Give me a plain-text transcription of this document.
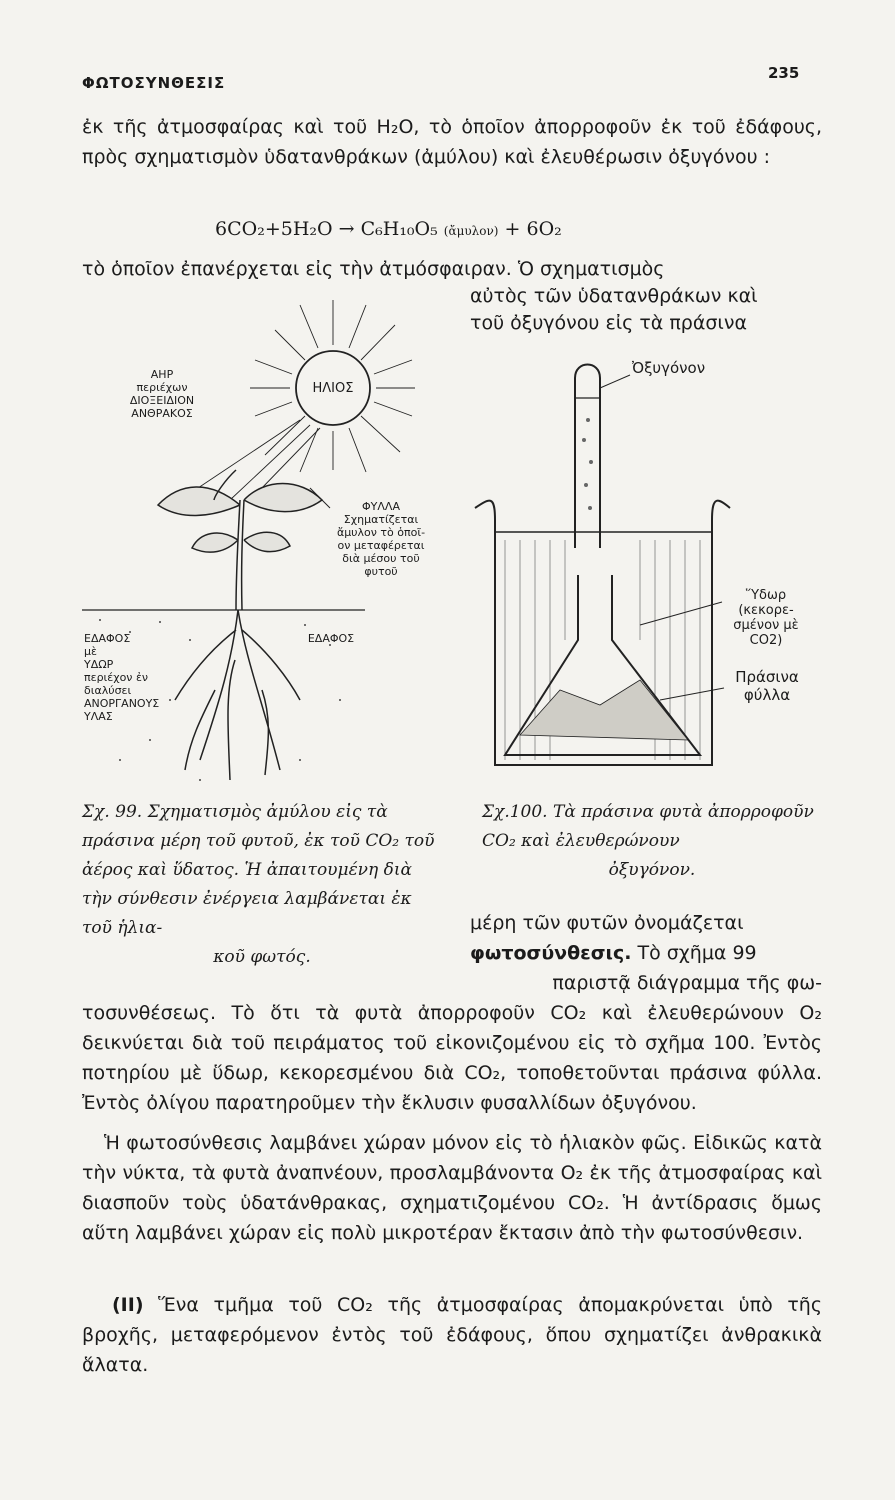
ΦΩΤΟΣΥΝΘΕΣΙΣ
235
ἐκ τῆς ἀτμοσφαίρας καὶ τοῦ H₂O, τὸ ὁποῖον ἀπορροφοῦν ἐκ τοῦ ἐδάφους, πρὸς σχηματισμὸν ὑδατανθράκων (ἀμύλου) καὶ ἐλευθέρωσιν ὀξυγόνου :
6CO₂+5H₂O → C₆H₁₀O₅ (ἄμυλον) + 6O₂
τὸ ὁποῖον ἐπανέρχεται εἰς τὴν ἀτμόσφαιραν. Ὁ σχηματισμὸς
αὐτὸς τῶν ὑδατανθράκων καὶ
τοῦ ὀξυγόνου εἰς τὰ πράσινα
ΑΗΡ
περιέχων
ΔΙΟΞΕΙΔΙΟΝ
ΑΝΘΡΑΚΟΣ
ΗΛΙΟΣ
ΦΥΛΛΑ
Σχηματίζεται
ἄμυλον τὸ ὁποῖ-
ον μεταφέρεται
διὰ μέσου τοῦ
φυτοῦ
ΕΔΑΦΟΣ
μὲ
ΥΔΩΡ
περιέχον ἐν
διαλύσει
ΑΝΟΡΓΑΝΟΥΣ
ΥΛΑΣ
ΕΔΑΦΟΣ
Ὀξυγόνον
Ὕδωρ
(κεκορε-
σμένον μὲ
CO2)
Πράσινα
φύλλα
Σχ. 99. Σχηματισμὸς ἀμύλου εἰς τὰ πράσινα μέρη τοῦ φυτοῦ, ἐκ τοῦ CO₂ τοῦ ἀέρος καὶ ὕδατος. Ἡ ἀπαιτουμένη διὰ τὴν σύνθεσιν ἐνέργεια λαμβάνεται ἐκ τοῦ ἡλια-
κοῦ φωτός.
Σχ.100. Τὰ πράσινα φυτὰ ἀπορροφοῦν CO₂ καὶ ἐλευθερώνουν
ὀξυγόνον.
μέρη τῶν φυτῶν ὀνομάζεται
φωτοσύνθεσις. Τὸ σχῆμα 99
παριστᾷ διάγραμμα τῆς φω-
τοσυνθέσεως. Τὸ ὅτι τὰ φυτὰ ἀπορροφοῦν CO₂ καὶ ἐλευθερώνουν O₂ δεικνύεται διὰ τοῦ πειράματος τοῦ εἰκονιζομένου εἰς τὸ σχῆμα 100. Ἐντὸς ποτηρίου μὲ ὕδωρ, κεκορεσμένου διὰ CO₂, τοποθετοῦνται πράσινα φύλλα. Ἐντὸς ὀλίγου παρατηροῦμεν τὴν ἔκλυσιν φυσαλλίδων ὀξυγόνου.
Ἡ φωτοσύνθεσις λαμβάνει χώραν μόνον εἰς τὸ ἡλιακὸν φῶς. Εἰδικῶς κατὰ τὴν νύκτα, τὰ φυτὰ ἀναπνέουν, προσλαμβάνοντα O₂ ἐκ τῆς ἀτμοσφαίρας καὶ διασποῦν τοὺς ὑδατάνθρακας, σχηματιζομένου CO₂. Ἡ ἀντίδρασις ὅμως αὕτη λαμβάνει χώραν εἰς πολὺ μικροτέραν ἔκτασιν ἀπὸ τὴν φωτοσύνθεσιν.
(II) Ἕνα τμῆμα τοῦ CO₂ τῆς ἀτμοσφαίρας ἀπομακρύνεται ὑπὸ τῆς βροχῆς, μεταφερόμενον ἐντὸς τοῦ ἐδάφους, ὅπου σχηματίζει ἀνθρακικὰ ἅλατα.
